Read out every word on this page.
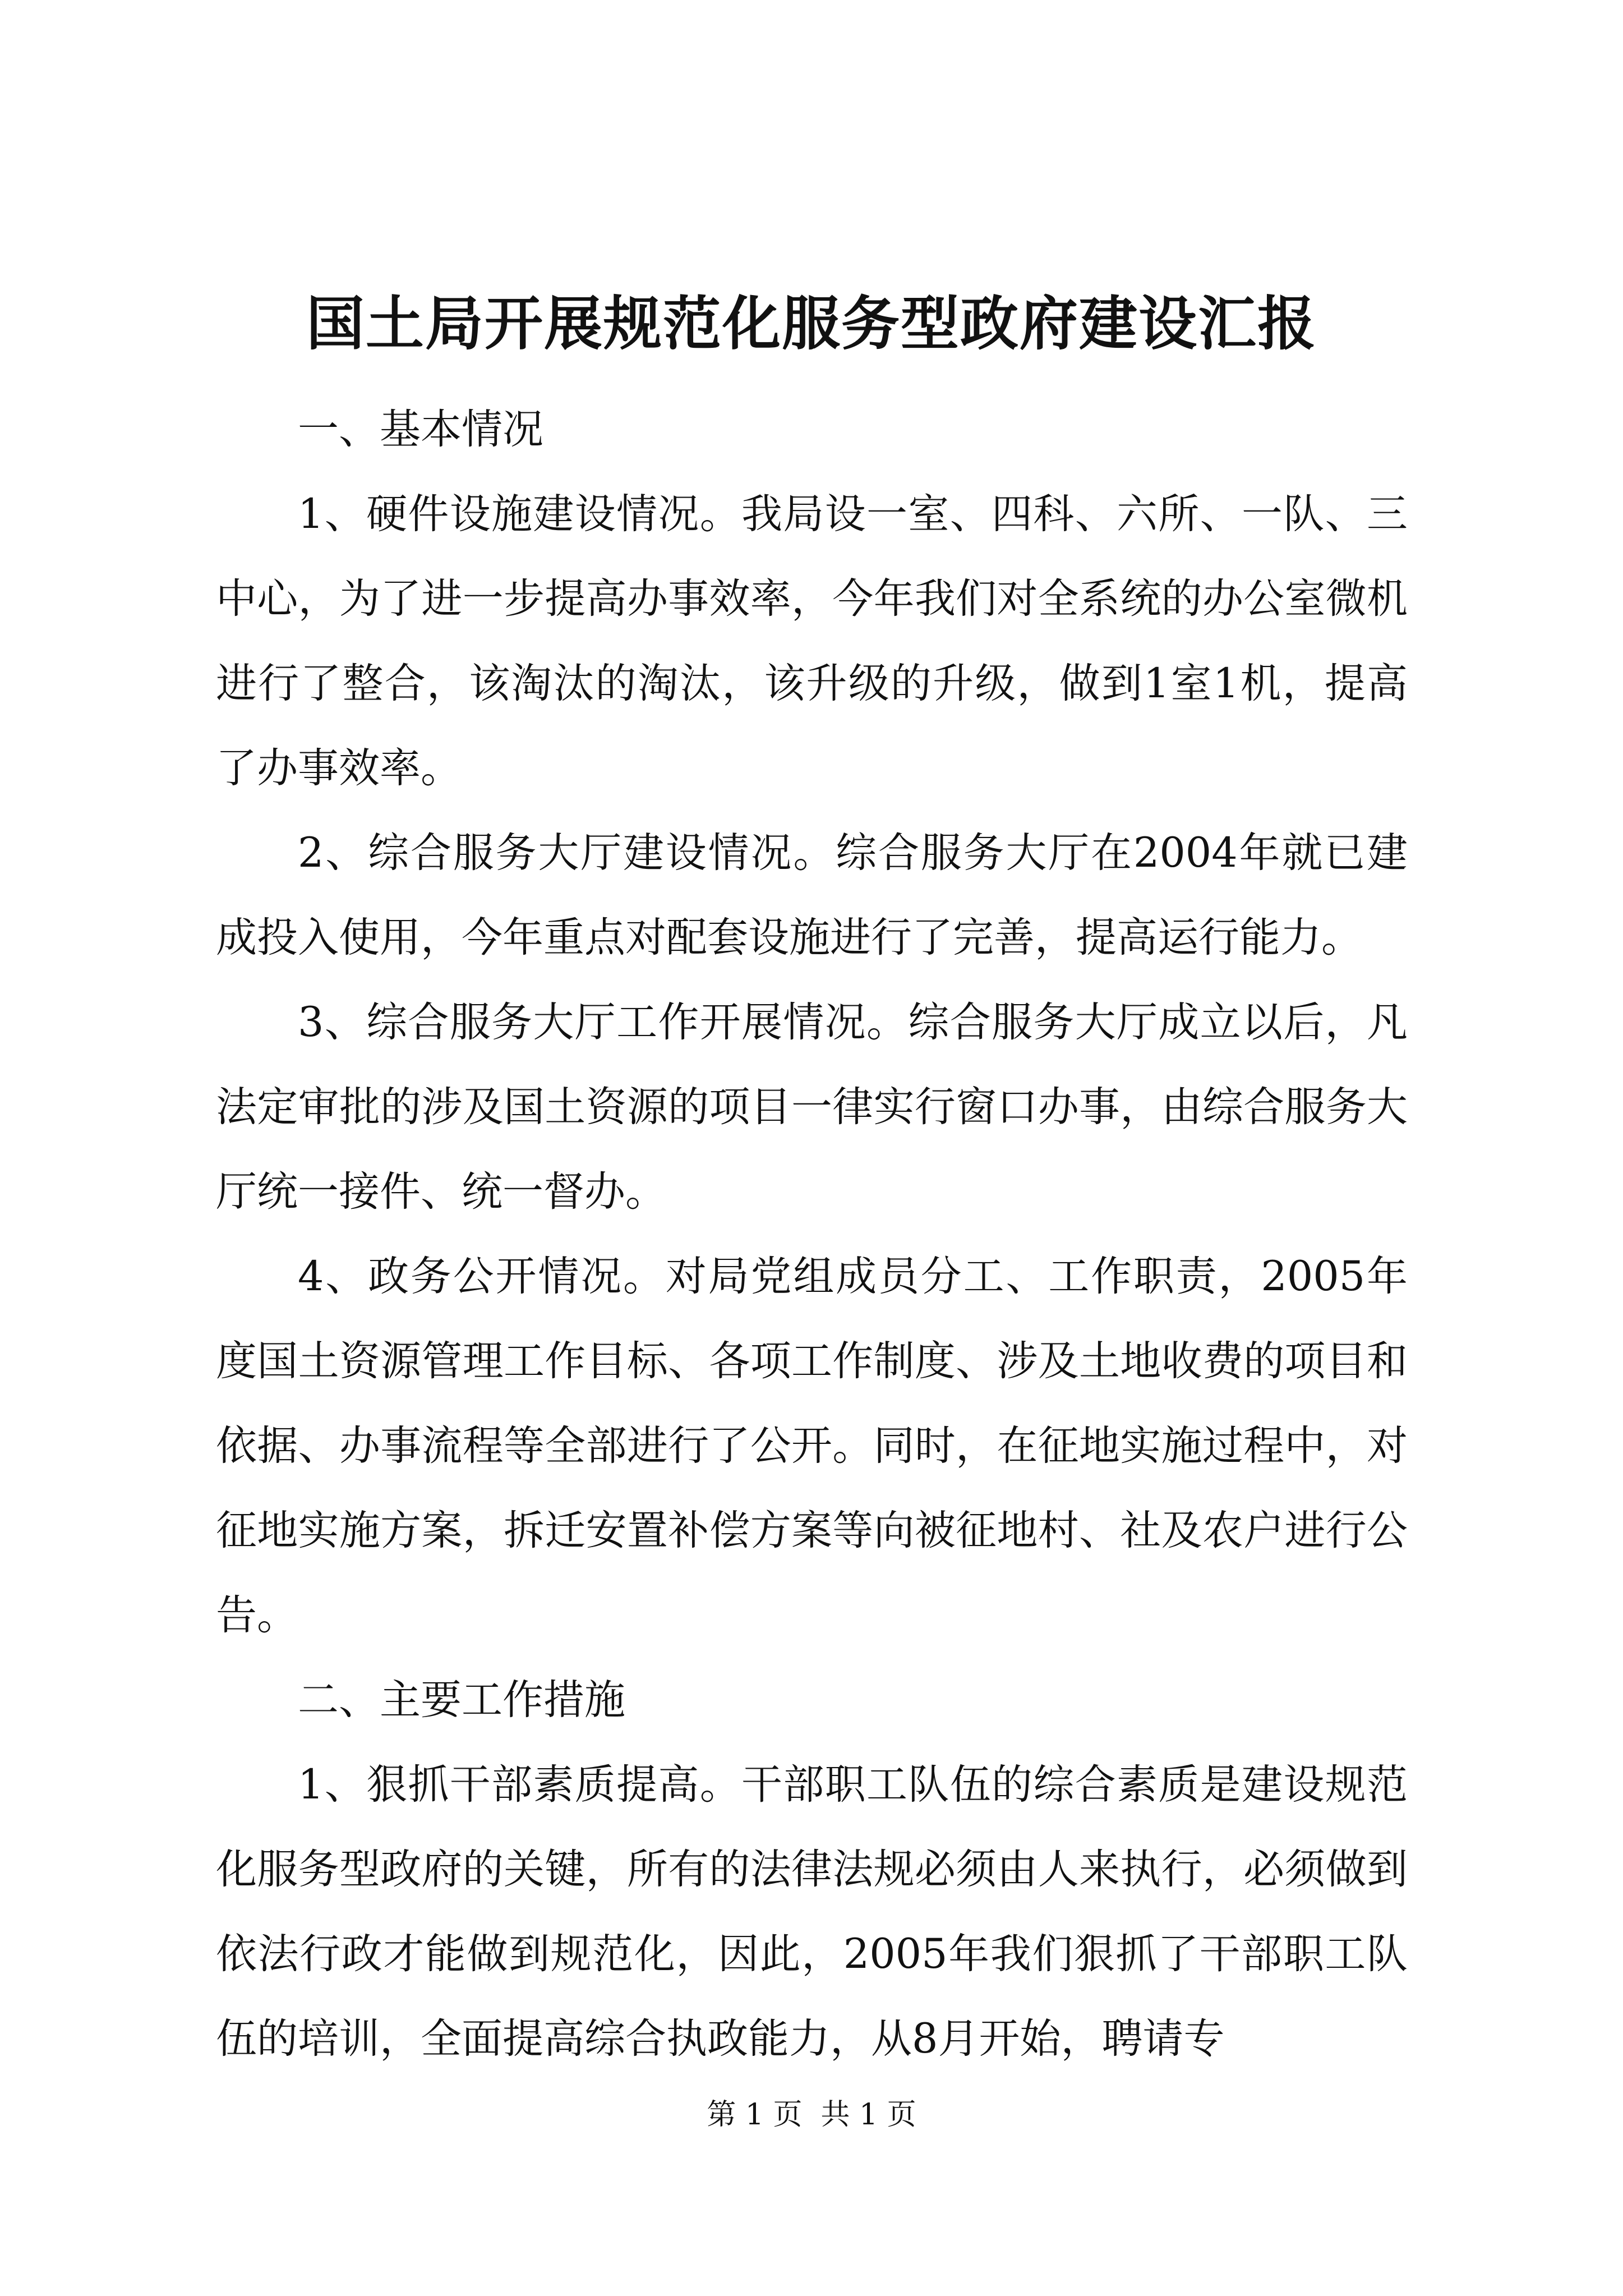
国土局开展规范化服务型政府建设汇报

一、基本情况

1、硬件设施建设情况。我局设一室、四科、六所、一队、三中心，为了进一步提高办事效率，今年我们对全系统的办公室微机进行了整合，该淘汰的淘汰，该升级的升级，做到1室1机，提高了办事效率。

2、综合服务大厅建设情况。综合服务大厅在2004年就已建成投入使用，今年重点对配套设施进行了完善，提高运行能力。

3、综合服务大厅工作开展情况。综合服务大厅成立以后，凡法定审批的涉及国土资源的项目一律实行窗口办事，由综合服务大厅统一接件、统一督办。

4、政务公开情况。对局党组成员分工、工作职责，2005年度国土资源管理工作目标、各项工作制度、涉及土地收费的项目和依据、办事流程等全部进行了公开。同时，在征地实施过程中，对征地实施方案，拆迁安置补偿方案等向被征地村、社及农户进行公告。

二、主要工作措施

1、狠抓干部素质提高。干部职工队伍的综合素质是建设规范化服务型政府的关键，所有的法律法规必须由人来执行，必须做到依法行政才能做到规范化，因此，2005年我们狠抓了干部职工队伍的培训，全面提高综合执政能力，从8月开始，聘请专

第 1 页  共 1 页
